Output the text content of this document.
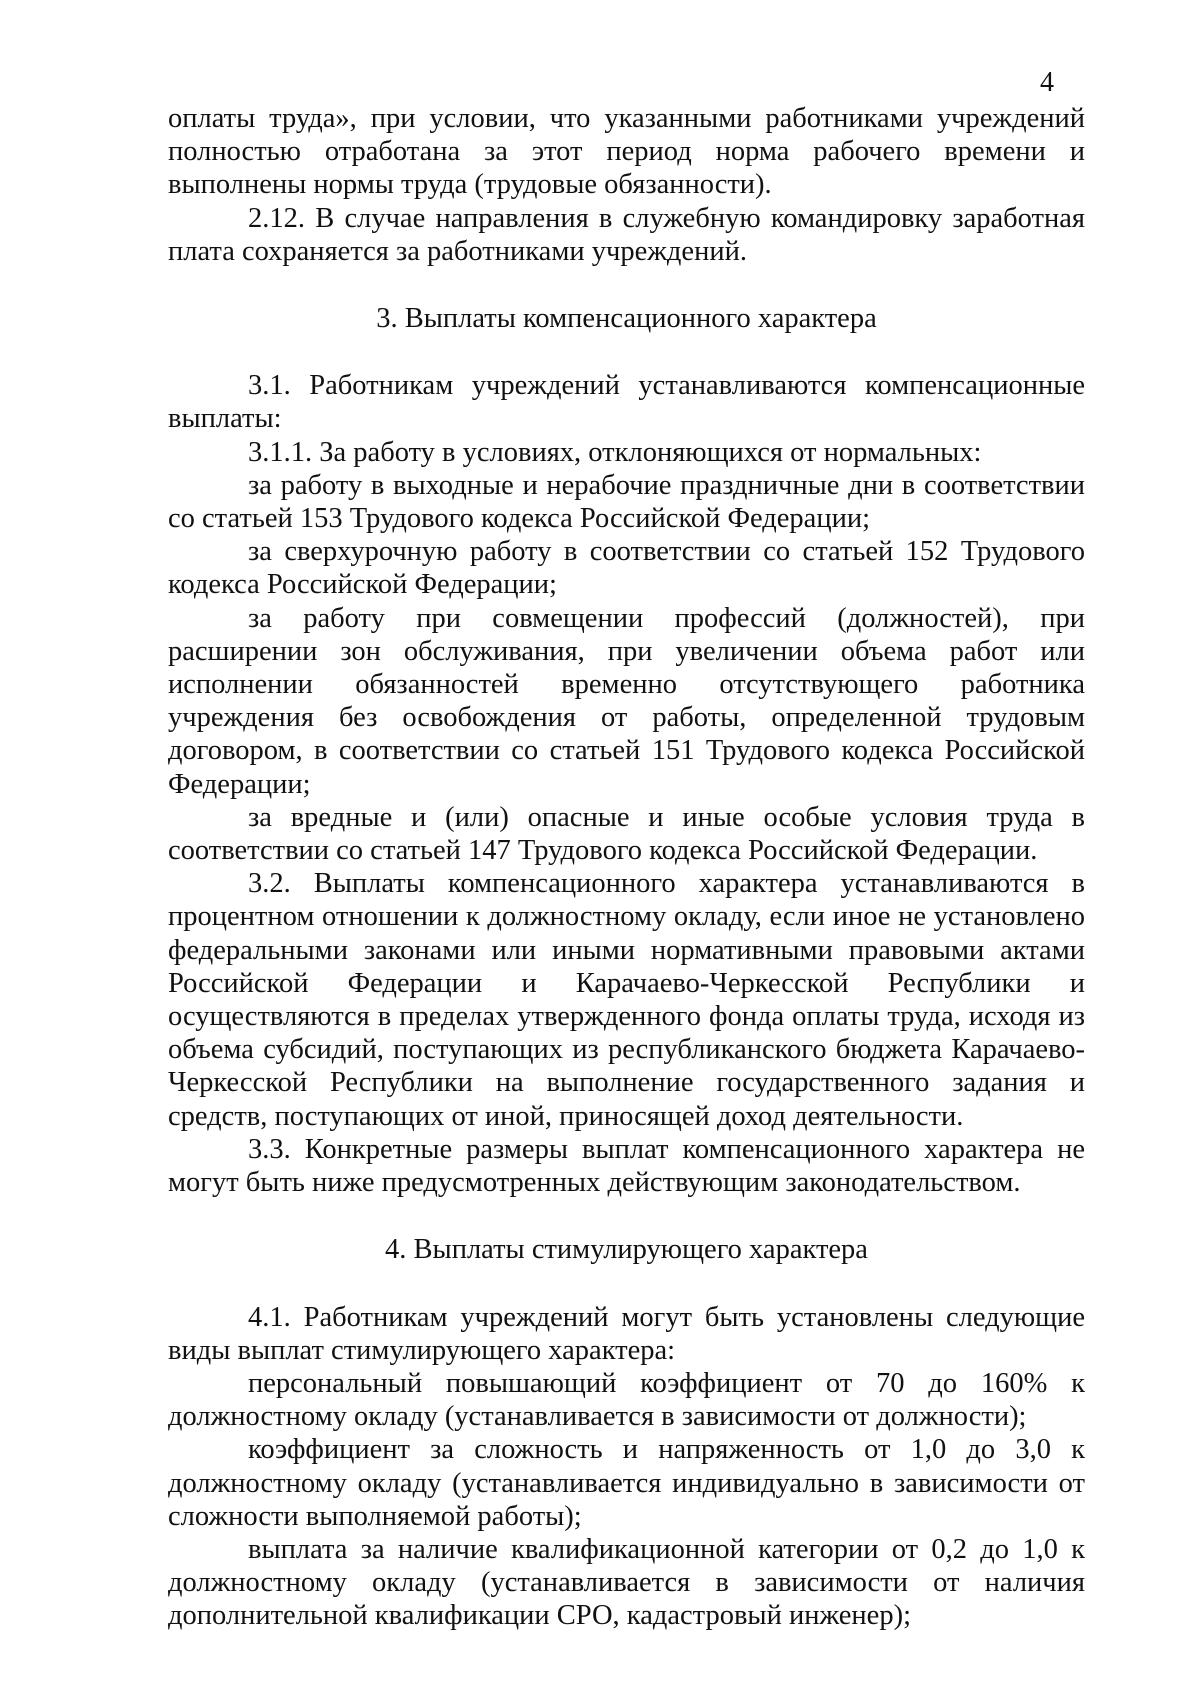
4

оплаты труда», при условии, что указанными работниками учреждений полностью отработана за этот период норма рабочего времени и выполнены нормы труда (трудовые обязанности).

2.12. В случае направления в служебную командировку заработная плата сохраняется за работниками учреждений.

3. Выплаты компенсационного характера

3.1. Работникам учреждений устанавливаются компенсационные выплаты:

3.1.1. За работу в условиях, отклоняющихся от нормальных:

за работу в выходные и нерабочие праздничные дни в соответствии со статьей 153 Трудового кодекса Российской Федерации;

за сверхурочную работу в соответствии со статьей 152 Трудового кодекса Российской Федерации;

за работу при совмещении профессий (должностей), при расширении зон обслуживания, при увеличении объема работ или исполнении обязанностей временно отсутствующего работника учреждения без освобождения от работы, определенной трудовым договором, в соответствии со статьей 151 Трудового кодекса Российской Федерации;

за вредные и (или) опасные и иные особые условия труда в соответствии со статьей 147 Трудового кодекса Российской Федерации.

3.2. Выплаты компенсационного характера устанавливаются в процентном отношении к должностному окладу, если иное не установлено федеральными законами или иными нормативными правовыми актами Российской Федерации и Карачаево-Черкесской Республики и осуществляются в пределах утвержденного фонда оплаты труда, исходя из объема субсидий, поступающих из республиканского бюджета Карачаево-Черкесской Республики на выполнение государственного задания и средств, поступающих от иной, приносящей доход деятельности.

3.3. Конкретные размеры выплат компенсационного характера не могут быть ниже предусмотренных действующим законодательством.

4. Выплаты стимулирующего характера

4.1. Работникам учреждений могут быть установлены следующие виды выплат стимулирующего характера:

персональный повышающий коэффициент от 70 до 160% к должностному окладу (устанавливается в зависимости от должности);

коэффициент за сложность и напряженность от 1,0 до 3,0 к должностному окладу (устанавливается индивидуально в зависимости от сложности выполняемой работы);

выплата за наличие квалификационной категории от 0,2 до 1,0 к должностному окладу (устанавливается в зависимости от наличия дополнительной квалификации СРО, кадастровый инженер);
